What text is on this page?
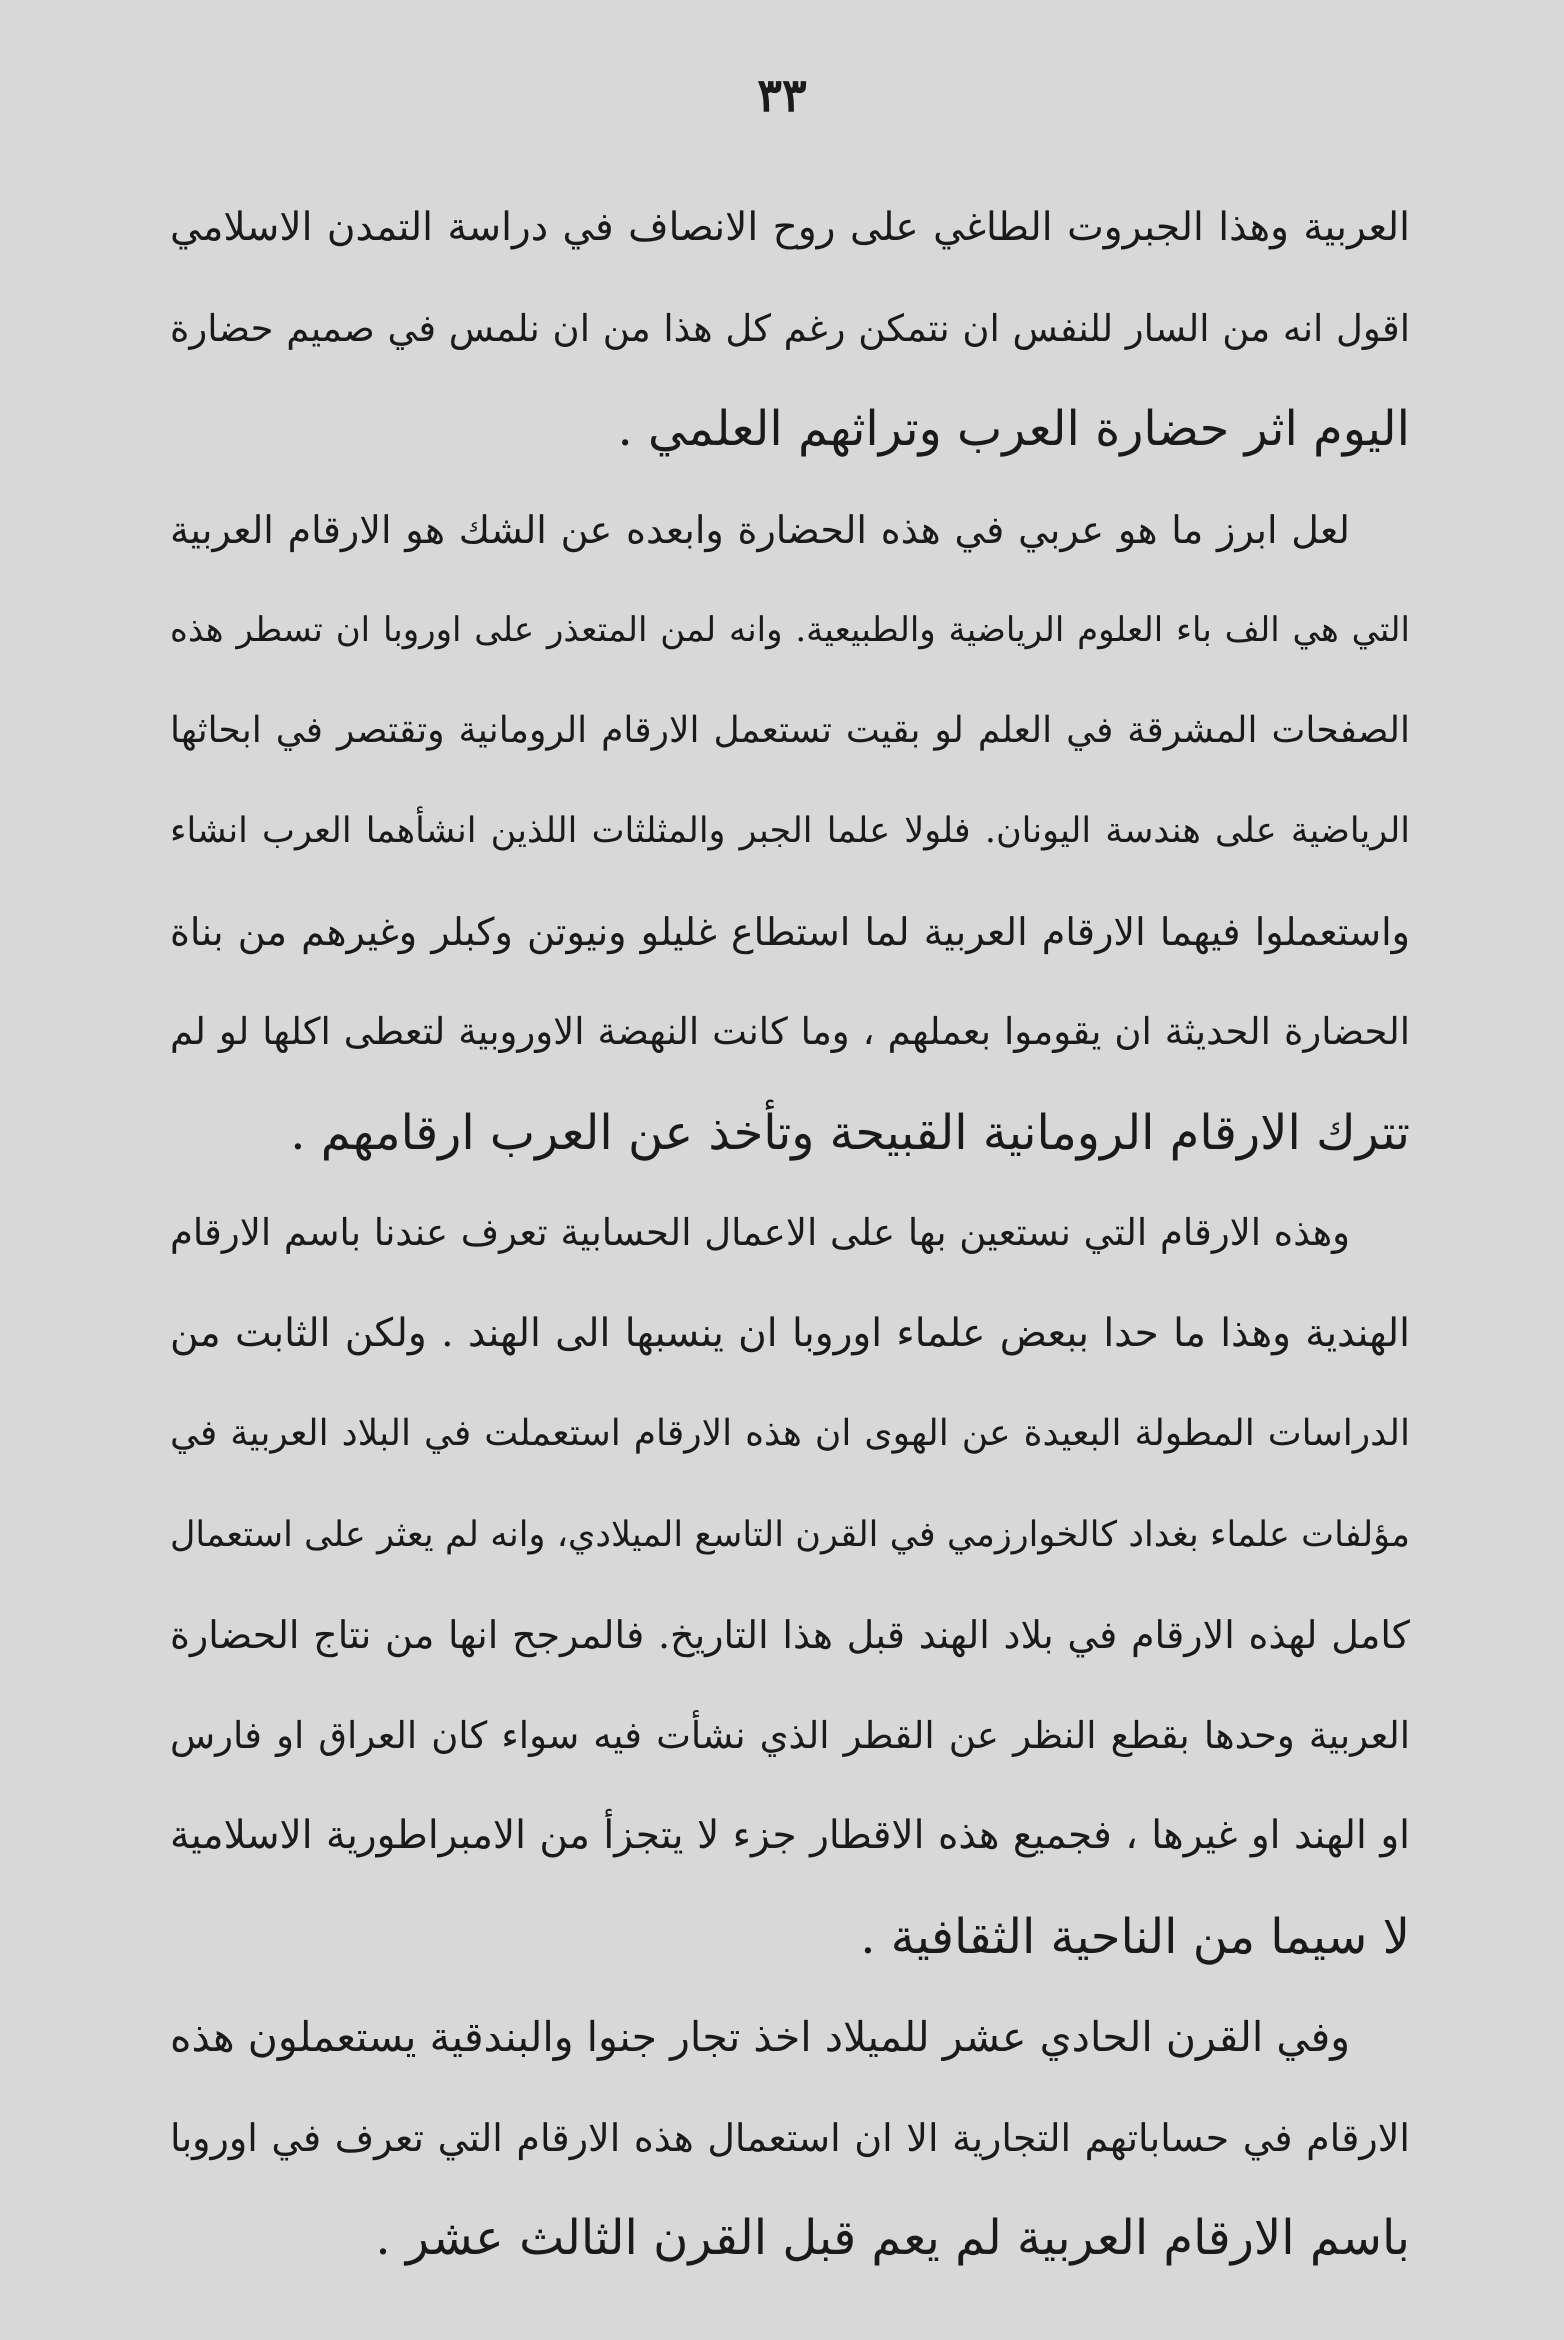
٣٣
العربية وهذا الجبروت الطاغي على روح الانصاف في دراسة التمدن الاسلامي
اقول انه من السار للنفس ان نتمكن رغم كل هذا من ان نلمس في صميم حضارة
اليوم اثر حضارة العرب وتراثهم العلمي .
لعل ابرز ما هو عربي في هذه الحضارة وابعده عن الشك هو الارقام العربية
التي هي الف باء العلوم الرياضية والطبيعية. وانه لمن المتعذر على اوروبا ان تسطر هذه
الصفحات المشرقة في العلم لو بقيت تستعمل الارقام الرومانية وتقتصر في ابحاثها
الرياضية على هندسة اليونان. فلولا علما الجبر والمثلثات اللذين انشأهما العرب انشاء
واستعملوا فيهما الارقام العربية لما استطاع غليلو ونيوتن وكبلر وغيرهم من بناة
الحضارة الحديثة ان يقوموا بعملهم ، وما كانت النهضة الاوروبية لتعطى اكلها لو لم
تترك الارقام الرومانية القبيحة وتأخذ عن العرب ارقامهم .
وهذه الارقام التي نستعين بها على الاعمال الحسابية تعرف عندنا باسم الارقام
الهندية وهذا ما حدا ببعض علماء اوروبا ان ينسبها الى الهند . ولكن الثابت من
الدراسات المطولة البعيدة عن الهوى ان هذه الارقام استعملت في البلاد العربية في
مؤلفات علماء بغداد كالخوارزمي في القرن التاسع الميلادي، وانه لم يعثر على استعمال
كامل لهذه الارقام في بلاد الهند قبل هذا التاريخ. فالمرجح انها من نتاج الحضارة
العربية وحدها بقطع النظر عن القطر الذي نشأت فيه سواء كان العراق او فارس
او الهند او غيرها ، فجميع هذه الاقطار جزء لا يتجزأ من الامبراطورية الاسلامية
لا سيما من الناحية الثقافية .
وفي القرن الحادي عشر للميلاد اخذ تجار جنوا والبندقية يستعملون هذه
الارقام في حساباتهم التجارية الا ان استعمال هذه الارقام التي تعرف في اوروبا
باسم الارقام العربية لم يعم قبل القرن الثالث عشر .
